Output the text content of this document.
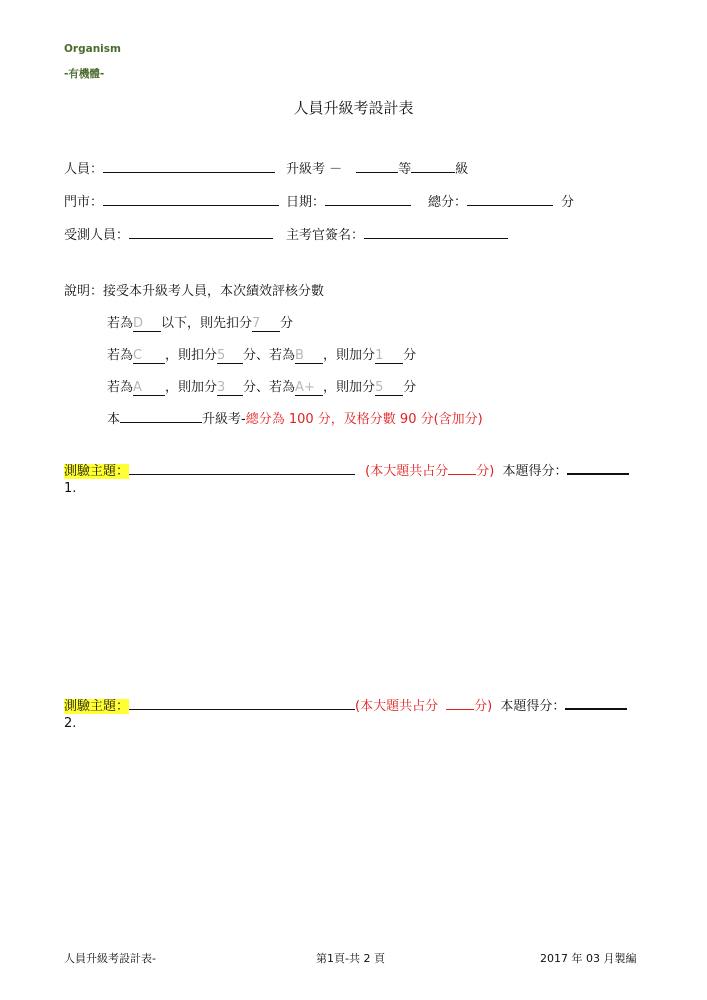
Organism
-有機體-
人員升級考設計表
人員：	升級考 －	等	級
門市：	日期：	總分：	分
受測人員：	主考官簽名：
說明：接受本升級考人員，本次績效評核分數
若為D 以下，則先扣分7 分
若為C ，則扣分5 分、若為B ，則加分1 分
若為A ，則加分3 分、若為A+ ，則加分5 分
本	升級考-總分為 100 分，及格分數 90 分(含加分)
測驗主題：	(本大題共占分 分) 本題得分：
1.
測驗主題：	(本大題共占分	分) 本題得分：
2.
人員升級考設計表-	第1頁-共 2 頁	2017 年 03 月製編
